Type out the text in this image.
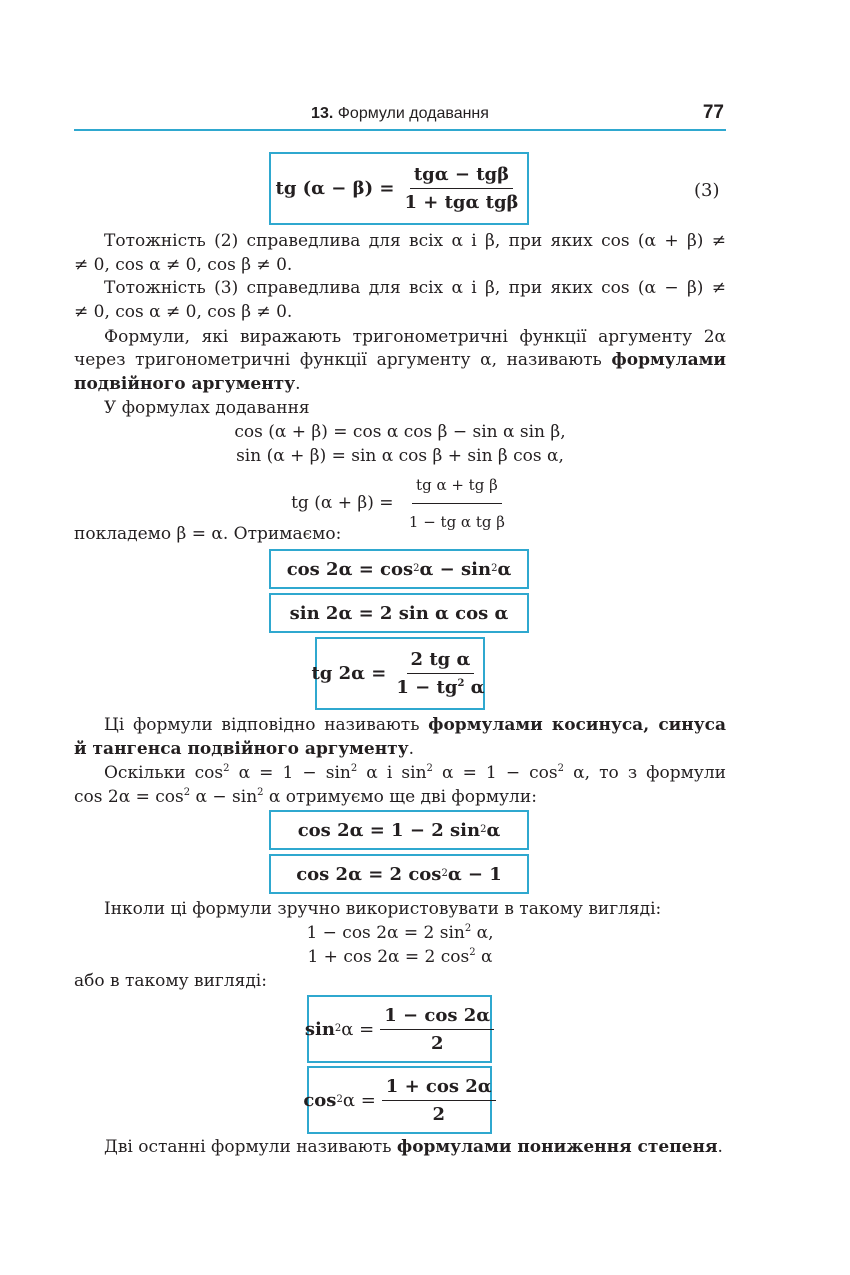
13. Формули додавання	77
tg $(\alpha - \beta) = \frac{\text{tgα − tgβ}}{\text{1 + tgα tgβ}}$	(3)
Тотожність (2) справедлива для всіх α і β, при яких cos (α + β) ≠
≠ 0, cos α ≠ 0, cos β ≠ 0.
Тотожність (3) справедлива для всіх α і β, при яких cos (α − β) ≠
≠ 0, cos α ≠ 0, cos β ≠ 0.
Формули, які виражають тригонометричні функції аргументу 2α
через тригонометричні функції аргументу α, називають формулами
подвійного аргументу.
У формулах додавання
cos (α + β) = cos α cos β − sin α sin β,
sin (α + β) = sin α cos β + sin β cos α,
tg $(\alpha + \beta) = \frac{\text{tg α + tg β}}{\text{1 − tg α tg β}}$
покладемо β = α. Отримаємо:
cos 2α = cos 2 α − sin 2 α
sin 2α = 2 sin α cos α
tg $2\alpha = \frac{\text{2 tg α}}{1 - tg^2 \alpha}$
Ці формули відповідно називають формулами косинуса, синуса
й тангенса подвійного аргументу.
Оскільки $\cos^2 \alpha = 1 - \sin^2 \alpha$ і $\sin^2 \alpha = 1 - \cos^2 \alpha$, то з формули
$\cos 2\alpha = \cos^2 \alpha - \sin^2 \alpha$ отримуємо ще дві формули:
cos 2α = 1 − 2 sin 2 α
cos 2α = 2 cos 2 α − 1
Інколи ці формули зручно використовувати в такому вигляді:
1 − cos 2α = 2 $\sin^2 \alpha$,
1 + cos 2α = 2 $\cos^2 \alpha$
або в такому вигляді:
sin 2 $\alpha = \frac{1 - \cos 2\alpha}{2}$
cos 2 $\alpha = \frac{1 + \cos 2\alpha}{2}$
Дві останні формули називають формулами пониження степеня.
